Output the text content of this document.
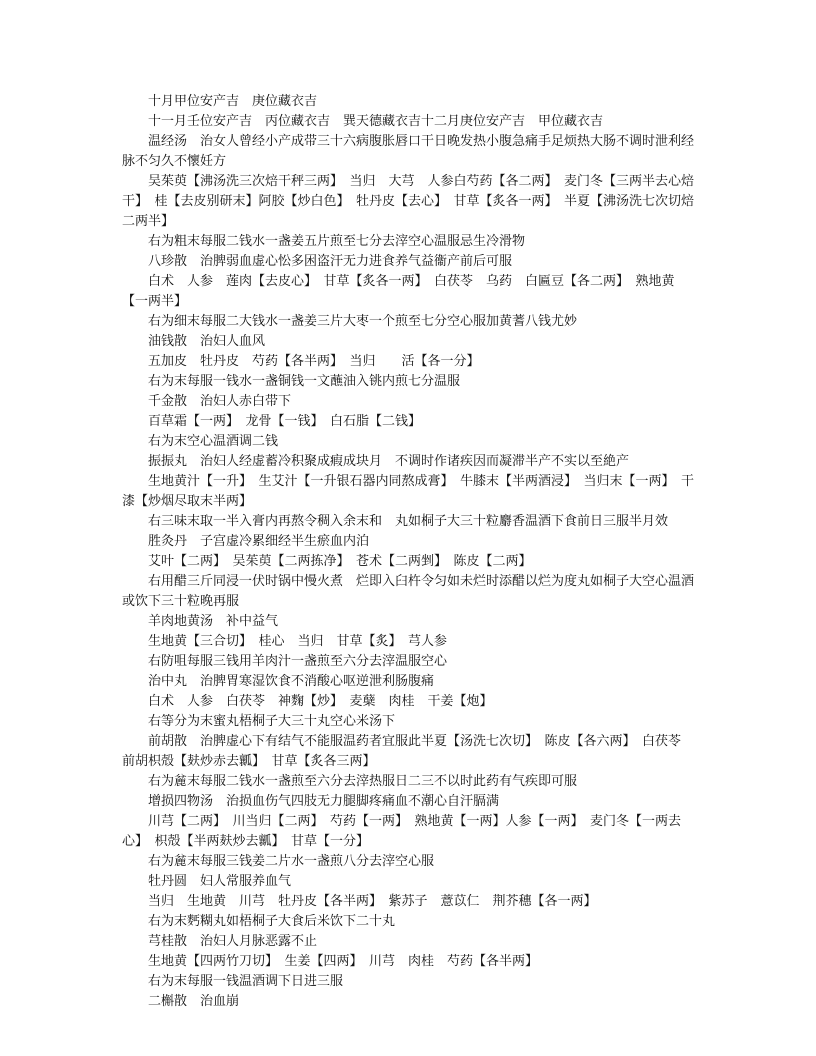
十月甲位安产吉　庚位藏衣吉

十一月壬位安产吉　丙位藏衣吉　巽天德藏衣吉十二月庚位安产吉　甲位藏衣吉

温经汤　治女人曾经小产成带三十六病腹胀唇口干日晚发热小腹急痛手足烦热大肠不调时泄利经脉不匀久不懷妊方

吴茱萸【沸汤洗三次焙干秤三两】　当归　大芎　人参白芍药【各二两】　麦门冬【三两半去心焙干】　桂【去皮别研末】阿胶【炒白色】　牡丹皮【去心】　甘草【炙各一两】　半夏【沸汤洗七次切焙二两半】

右为粗末每服二钱水一盏姜五片煎至七分去滓空心温服忌生冷滑物

八珍散　治脾弱血虚心忪多困盗汗无力进食养气益衞产前后可服

白术　人参　莲肉【去皮心】　甘草【炙各一两】　白茯苓　乌药　白匾豆【各二两】　熟地黄【一两半】

右为细末每服二大钱水一盏姜三片大枣一个煎至七分空心服加黄蓍八钱尤妙

油钱散　治妇人血风

五加皮　牡丹皮　芍药【各半两】　当归　　活【各一分】

右为末每服一钱水一盏铜钱一文蘸油入铫内煎七分温服

千金散　治妇人赤白带下

百草霜【一两】　龙骨【一钱】　白石脂【二钱】

右为末空心温酒调二钱

振振丸　治妇人经虚蓄冷积聚成瘕成块月　不调时作诸疾因而凝滞半产不实以至絶产

生地黄汁【一升】　生艾汁【一升银石器内同熬成膏】　牛膝末【半两酒浸】　当归末【一两】　干漆【炒烟尽取末半两】

右三味末取一半入膏内再熬令稠入余末和　丸如桐子大三十粒麝香温酒下食前日三服半月效

胜灸丹　子宫虚冷累细经半生瘀血内泊

艾叶【二两】　吴茱萸【二两拣净】　苍术【二两剉】　陈皮【二两】

右用醋三斤同浸一伏时锅中慢火煮　烂即入臼杵令匀如未烂时添醋以烂为度丸如桐子大空心温酒或饮下三十粒晚再服

羊肉地黄汤　补中益气

生地黄【三合切】　桂心　当归　甘草【炙】　芎人参

右防咀每服三钱用羊肉汁一盏煎至六分去滓温服空心

治中丸　治脾胃寒湿饮食不消酸心呕逆泄利肠腹痛

白术　人参　白茯苓　神麴【炒】　麦蘖　肉桂　干姜【炮】

右等分为末蜜丸梧桐子大三十丸空心米汤下

前胡散　治脾虚心下有结气不能服温药者宜服此半夏【汤洗七次切】　陈皮【各六两】　白茯苓　前胡枳殻【麸炒赤去瓤】　甘草【炙各三两】

右为麄末每服二钱水一盏煎至六分去滓热服日二三不以时此药有气疾即可服

增损四物汤　治损血伤气四肢无力腿脚疼痛血不潮心自汗膈满

川芎【二两】　川当归【二两】　芍药【一两】　熟地黄【一两】人参【一两】　麦门冬【一两去心】　枳殻【半两麸炒去瓤】　甘草【一分】

右为麄末每服三钱姜二片水一盏煎八分去滓空心服

牡丹圆　妇人常服养血气

当归　生地黄　川芎　牡丹皮【各半两】　紫苏子　薏苡仁　荆芥穗【各一两】

右为末麫糊丸如梧桐子大食后米饮下二十丸

芎桂散　治妇人月脉恶露不止

生地黄【四两竹刀切】　生姜【四两】　川芎　肉桂　芍药【各半两】

右为末每服一钱温酒调下日进三服

二槲散　治血崩
